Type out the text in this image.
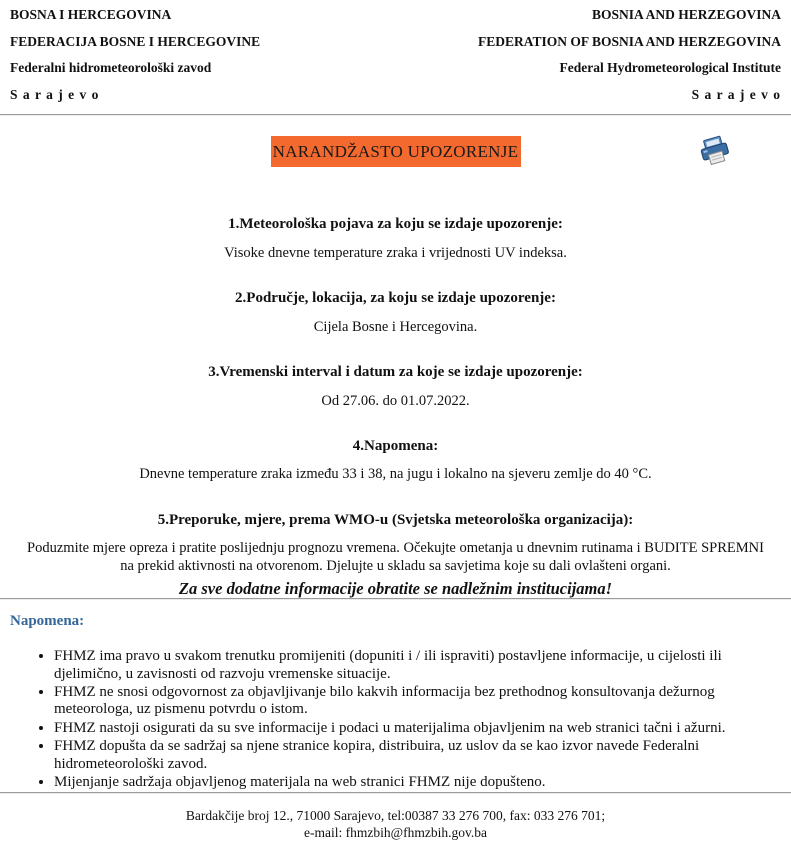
BOSNA I HERCEGOVINA
FEDERACIJA BOSNE I HERCEGOVINE
Federalni hidrometeorološki zavod
S a r a j e v o
BOSNIA AND HERZEGOVINA
FEDERATION OF BOSNIA AND HERZEGOVINA
Federal Hydrometeorological Institute
S a r a j e v o
NARANDŽASTO UPOZORENJE
1.Meteorološka pojava za koju se izdaje upozorenje:
Visoke dnevne temperature zraka i vrijednosti UV indeksa.
2.Područje, lokacija, za koju se izdaje upozorenje:
Cijela Bosne i Hercegovina.
3.Vremenski interval i datum za koje se izdaje upozorenje:
Od 27.06. do 01.07.2022.
4.Napomena:
Dnevne temperature zraka između 33 i 38, na jugu i lokalno na sjeveru zemlje do 40 °C.
5.Preporuke, mjere, prema WMO-u (Svjetska meteorološka organizacija):
Poduzmite mjere opreza i pratite poslijednju prognozu vremena. Očekujte ometanja u dnevnim rutinama i BUDITE SPREMNI na prekid aktivnosti na otvorenom. Djelujte u skladu sa savjetima koje su dali ovlašteni organi.
Za sve dodatne informacije obratite se nadležnim institucijama!
Napomena:
• FHMZ ima pravo u svakom trenutku promijeniti (dopuniti i / ili ispraviti) postavljene informacije, u cijelosti ili djelimično, u zavisnosti od razvoju vremenske situacije.
• FHMZ ne snosi odgovornost za objavljivanje bilo kakvih informacija bez prethodnog konsultovanja dežurnog meteorologa, uz pismenu potvrdu o istom.
• FHMZ nastoji osigurati da su sve informacije i podaci u materijalima objavljenim na web stranici tačni i ažurni.
• FHMZ dopušta da se sadržaj sa njene stranice kopira, distribuira, uz uslov da se kao izvor navede Federalni hidrometeorološki zavod.
• Mijenjanje sadržaja objavljenog materijala na web stranici FHMZ nije dopušteno.
Bardakčije broj 12., 71000 Sarajevo, tel:00387 33 276 700, fax: 033 276 701;
e-mail: fhmzbih@fhmzbih.gov.ba
